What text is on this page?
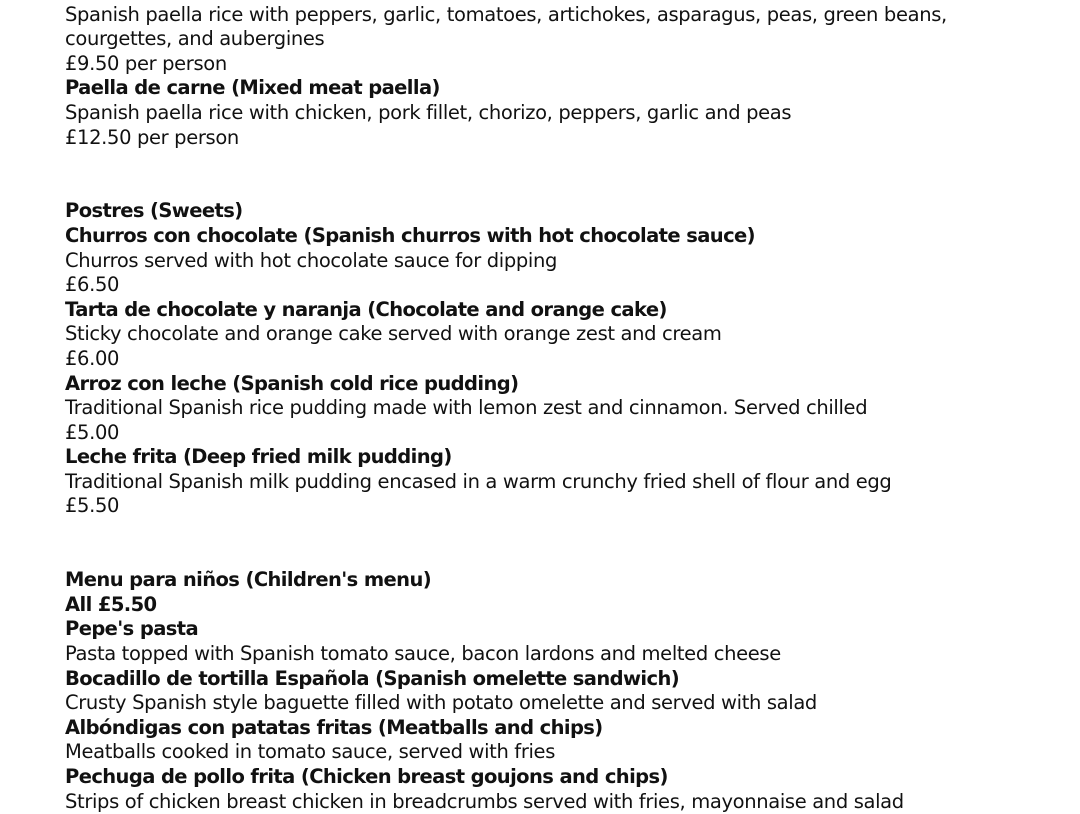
Spanish paella rice with peppers, garlic, tomatoes, artichokes, asparagus, peas, green beans,
courgettes, and aubergines
£9.50 per person
Paella de carne (Mixed meat paella)
Spanish paella rice with chicken, pork fillet, chorizo, peppers, garlic and peas
£12.50 per person
Postres (Sweets)
Churros con chocolate (Spanish churros with hot chocolate sauce)
Churros served with hot chocolate sauce for dipping
£6.50
Tarta de chocolate y naranja (Chocolate and orange cake)
Sticky chocolate and orange cake served with orange zest and cream
£6.00
Arroz con leche (Spanish cold rice pudding)
Traditional Spanish rice pudding made with lemon zest and cinnamon. Served chilled
£5.00
Leche frita (Deep fried milk pudding)
Traditional Spanish milk pudding encased in a warm crunchy fried shell of flour and egg
£5.50
Menu para niños (Children's menu)
All £5.50
Pepe's pasta
Pasta topped with Spanish tomato sauce, bacon lardons and melted cheese
Bocadillo de tortilla Española (Spanish omelette sandwich)
Crusty Spanish style baguette filled with potato omelette and served with salad
Albóndigas con patatas fritas (Meatballs and chips)
Meatballs cooked in tomato sauce, served with fries
Pechuga de pollo frita (Chicken breast goujons and chips)
Strips of chicken breast chicken in breadcrumbs served with fries, mayonnaise and salad
